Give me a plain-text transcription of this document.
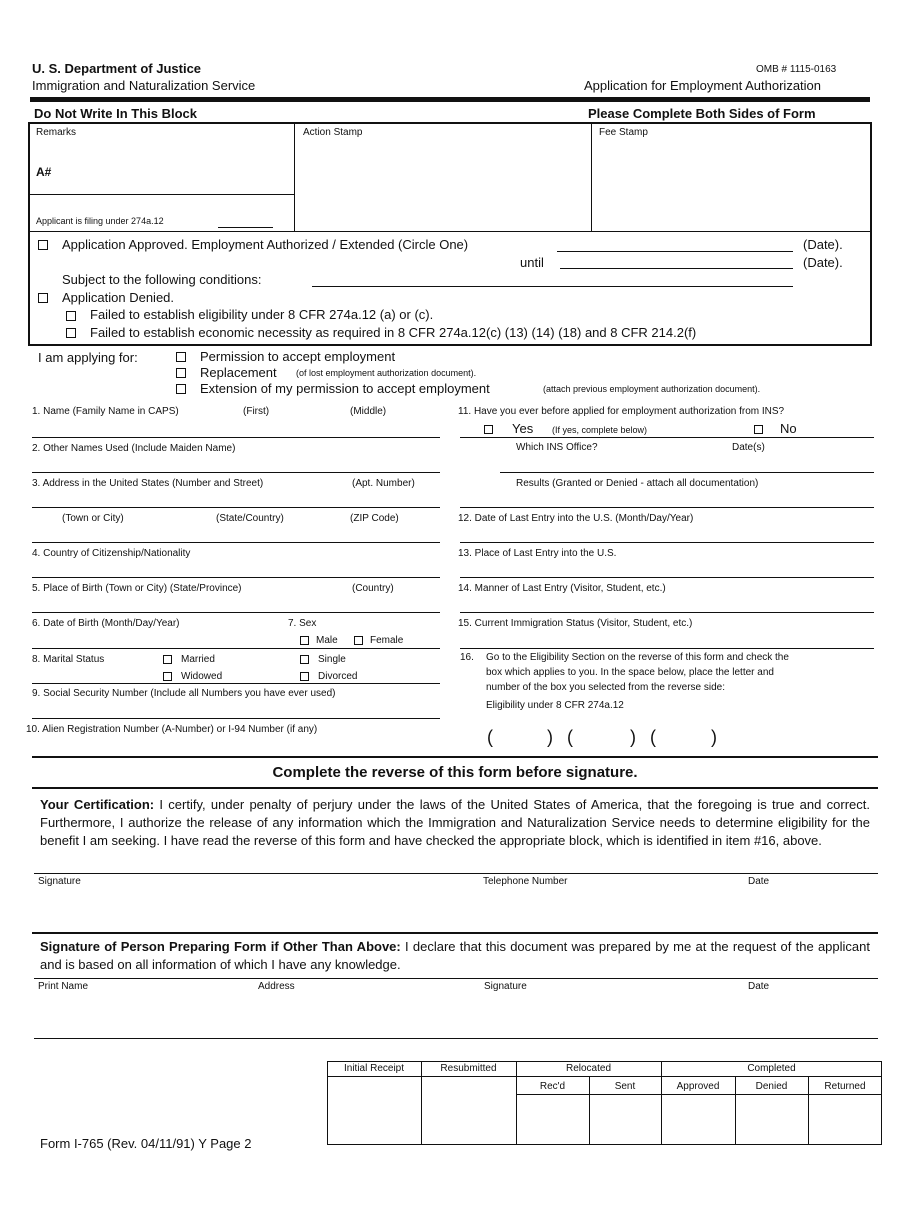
U. S. Department of Justice
Immigration and Naturalization Service
OMB # 1115-0163
Application for Employment Authorization
Do Not Write In This Block	Please Complete Both Sides of Form
Remarks	Action Stamp	Fee Stamp
A#
Applicant is filing under 274a.12
Application Approved. Employment Authorized / Extended (Circle One)	(Date).
until	(Date).
Subject to the following conditions:
Application Denied.
Failed to establish eligibility under 8 CFR 274a.12 (a) or (c).
Failed to establish economic necessity as required in 8 CFR 274a.12(c) (13) (14) (18) and 8 CFR 214.2(f)
I am applying for:	Permission to accept employment
Replacement (of lost employment authorization document).
Extension of my permission to accept employment	(attach previous employment authorization document).
1. Name (Family Name in CAPS)	(First)	(Middle)
2. Other Names Used (Include Maiden Name)
3. Address in the United States (Number and Street)	(Apt. Number)
(Town or City)	(State/Country)	(ZIP Code)
4. Country of Citizenship/Nationality
5. Place of Birth (Town or City) (State/Province)	(Country)
6. Date of Birth (Month/Day/Year)	7. Sex
Male	Female
8. Marital Status	Married	Single
Widowed	Divorced
9. Social Security Number (Include all Numbers you have ever used)
10. Alien Registration Number (A-Number) or I-94 Number (if any)
11. Have you ever before applied for employment authorization from INS?
Yes (If yes, complete below)	No
Which INS Office?	Date(s)
Results (Granted or Denied - attach all documentation)
12. Date of Last Entry into the U.S. (Month/Day/Year)
13. Place of Last Entry into the U.S.
14. Manner of Last Entry (Visitor, Student, etc.)
15. Current Immigration Status (Visitor, Student, etc.)
16. Go to the Eligibility Section on the reverse of this form and check the
box which applies to you. In the space below, place the letter and
number of the box you selected from the reverse side:
Eligibility under 8 CFR 274a.12
(	) (	) (	)
Complete the reverse of this form before signature.
Your Certification: I certify, under penalty of perjury under the laws of the United States of America, that the foregoing is true and correct. Furthermore, I authorize the release of any information which the Immigration and Naturalization Service needs to determine eligibility for the benefit I am seeking. I have read the reverse of this form and have checked the appropriate block, which is identified in item #16, above.
Signature	Telephone Number	Date
Signature of Person Preparing Form if Other Than Above: I declare that this document was prepared by me at the request of the applicant and is based on all information of which I have any knowledge.
Print Name	Address	Signature	Date
Initial Receipt	Resubmitted	Relocated	Completed
Rec'd	Sent	Approved	Denied	Returned
Form I-765 (Rev. 04/11/91) Y Page 2
